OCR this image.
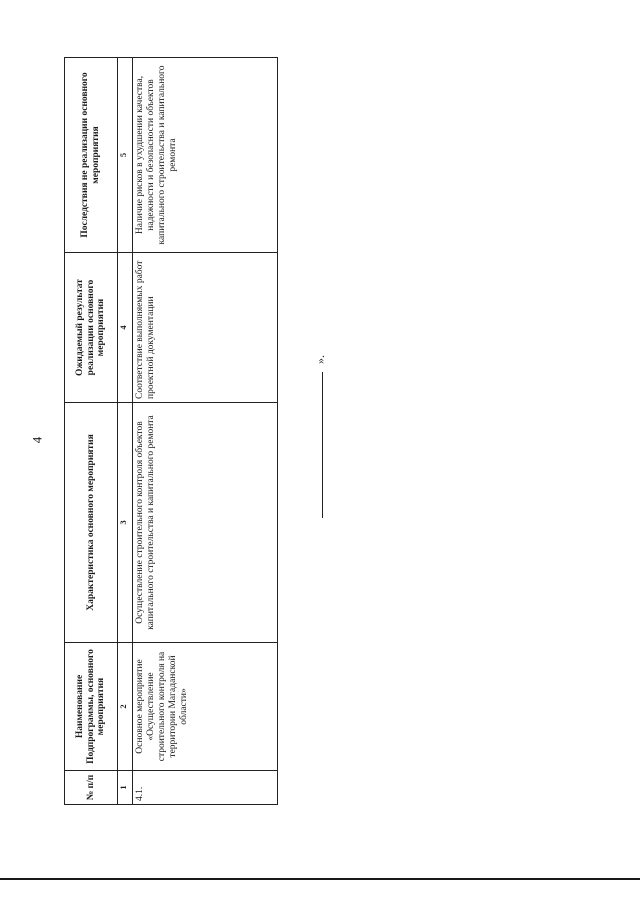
4
№ п/п	Наименование Подпрограммы, основного мероприятия	Характеристика основного мероприятия	Ожидаемый результат реализации основного мероприятия	Последствия не реализации основного мероприятия
1	2	3	4	5
4.1.	Основное мероприятие «Осуществление строительного контроля на территории Магаданской области»	Осуществление строительного контроля объектов капитального строительства и капитального ремонта	Соответствие выполняемых работ проектной документации	Наличие рисков в ухудшении качества, надежности и безопасности объектов капитального строительства и капитального ремонта
».
